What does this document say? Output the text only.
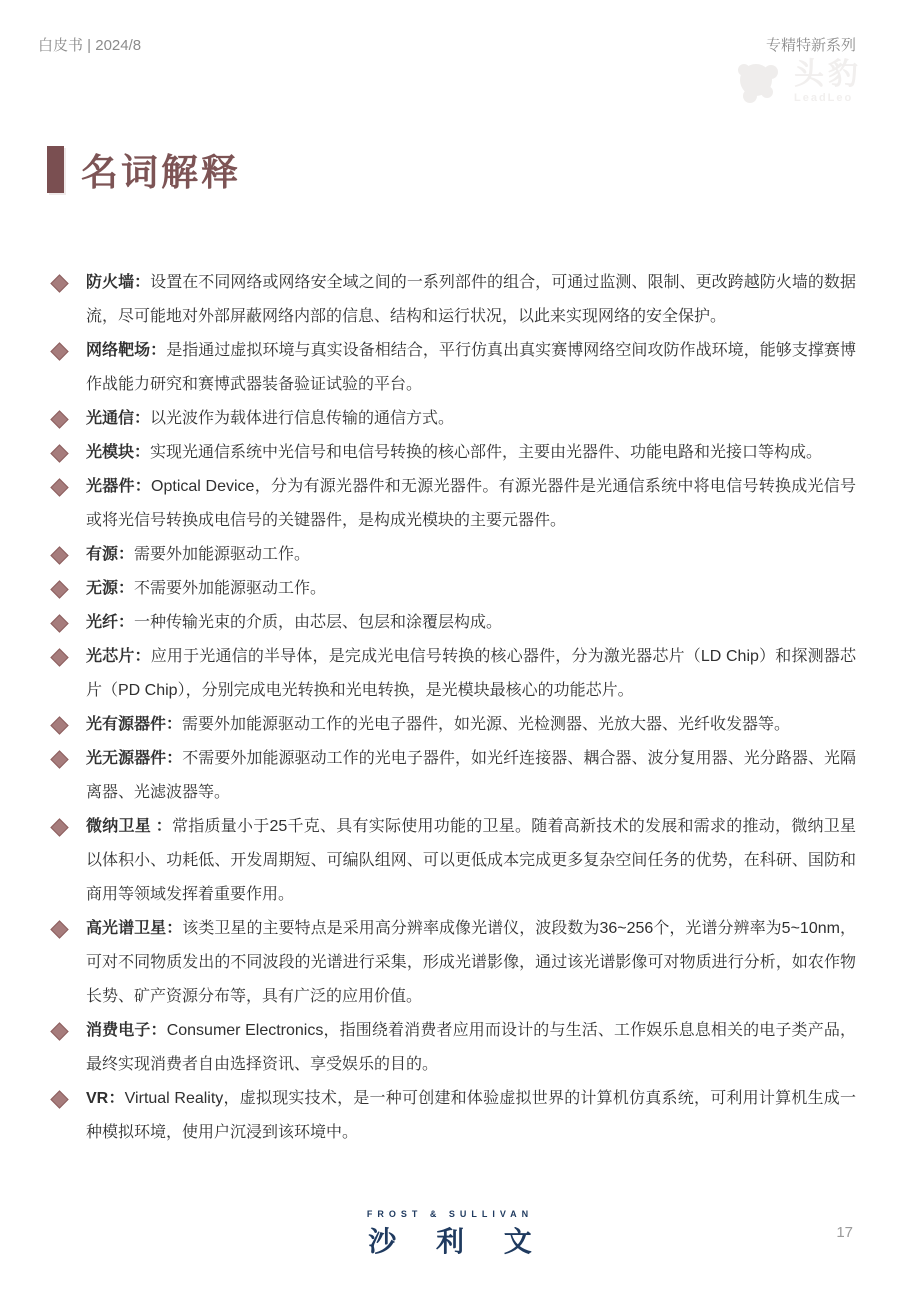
白皮书 | 2024/8	专精特新系列
头豹
LeadLeo
名词解释
防火墙：设置在不同网络或网络安全域之间的一系列部件的组合，可通过监测、限制、更改跨越防火墙的数据流，尽可能地对外部屏蔽网络内部的信息、结构和运行状况，以此来实现网络的安全保护。
网络靶场：是指通过虚拟环境与真实设备相结合，平行仿真出真实赛博网络空间攻防作战环境，能够支撑赛博作战能力研究和赛博武器装备验证试验的平台。
光通信：以光波作为载体进行信息传输的通信方式。
光模块：实现光通信系统中光信号和电信号转换的核心部件，主要由光器件、功能电路和光接口等构成。
光器件：Optical Device，分为有源光器件和无源光器件。有源光器件是光通信系统中将电信号转换成光信号或将光信号转换成电信号的关键器件，是构成光模块的主要元器件。
有源：需要外加能源驱动工作。
无源：不需要外加能源驱动工作。
光纤：一种传输光束的介质，由芯层、包层和涂覆层构成。
光芯片：应用于光通信的半导体，是完成光电信号转换的核心器件，分为激光器芯片（LD Chip）和探测器芯片（PD Chip），分别完成电光转换和光电转换，是光模块最核心的功能芯片。
光有源器件：需要外加能源驱动工作的光电子器件，如光源、光检测器、光放大器、光纤收发器等。
光无源器件：不需要外加能源驱动工作的光电子器件，如光纤连接器、耦合器、波分复用器、光分路器、光隔离器、光滤波器等。
微纳卫星 ：常指质量小于25千克、具有实际使用功能的卫星。随着高新技术的发展和需求的推动，微纳卫星以体积小、功耗低、开发周期短、可编队组网、可以更低成本完成更多复杂空间任务的优势，在科研、国防和商用等领域发挥着重要作用。
高光谱卫星：该类卫星的主要特点是采用高分辨率成像光谱仪，波段数为36~256个，光谱分辨率为5~10nm，可对不同物质发出的不同波段的光谱进行采集，形成光谱影像，通过该光谱影像可对物质进行分析，如农作物长势、矿产资源分布等，具有广泛的应用价值。
消费电子：Consumer Electronics，指围绕着消费者应用而设计的与生活、工作娱乐息息相关的电子类产品，最终实现消费者自由选择资讯、享受娱乐的目的。
VR：Virtual Reality，虚拟现实技术，是一种可创建和体验虚拟世界的计算机仿真系统，可利用计算机生成一种模拟环境，使用户沉浸到该环境中。
FROST & SULLIVAN
沙 利 文	17
